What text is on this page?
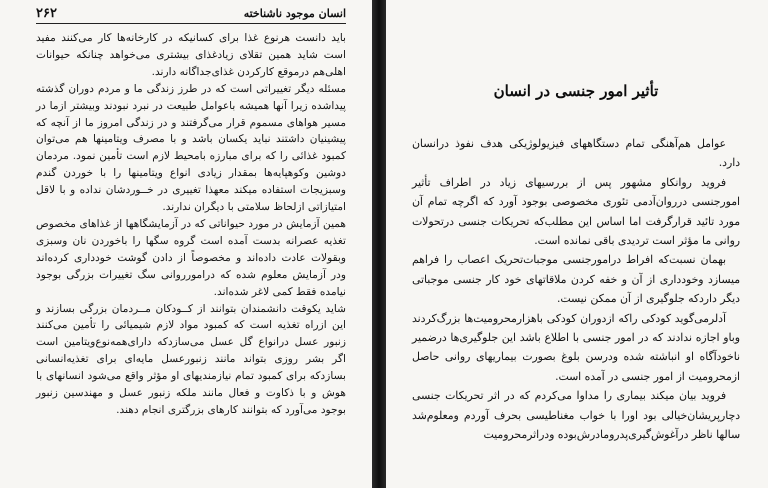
۲۶۲	انسان موجود ناشناخته

باید دانست هرنوع غذا برای کسانیکه در کارخانه‌ها کار می‌کنند مفید است شاید همین تقلای زیادغذای بیشتری می‌خواهد چنانکه حیوانات اهلی‌هم درموقع کارکردن غذای‌جداگانه دارند.

مسئله دیگر تغییراتی است که در طرز زندگی ما و مردم دوران گذشته پیداشده زیرا آنها همیشه باعوامل طبیعت در نبرد نبودند وبیشتر ازما در مسیر هواهای مسموم قرار می‌گرفتند و در زندگی امروز ما از آنچه که پیشینیان داشتند نباید یکسان باشد و با مصرف ویتامینها هم می‌توان کمبود غذائی را که برای مبارزه بامحیط لازم است تأمین نمود. مردمان دوشین وکوهپایه‌ها بمقدار زیادی انواع ویتامینها را با خوردن گندم وسبزیجات استفاده میکند معهذا تغییری در خــوردشان نداده و با لاقل امتیازاتی ازلحاظ سلامتی با دیگران ندارند.

همین آزمایش در مورد حیواناتی که در آزمایشگاهها از غذاهای مخصوص تغذیه عصرانه بدست آمده است گروه سگها را باخوردن نان وسبزی وبقولات عادت داده‌اند و مخصوصاً از دادن گوشت خودداری کرده‌اند ودر آزمایش معلوم شده که درامورروانی سگ تغییرات بزرگی بوجود نیامده فقط کمی لاغر شده‌اند.

شاید یکوقت دانشمندان بتوانند از کــودکان مــردمان بزرگی بسازند و این ازراه تغذیه است که کمبود مواد لازم شیمیائی را تأمین می‌کنند زنبور عسل درانواع گل عسل می‌سازدکه دارای‌همه‌نوع‌ویتامین است اگر بشر روزی بتواند مانند زنبورعسل مایه‌ای برای تغذیه‌انسانی بسازدکه برای کمبود تمام نیازمندیهای او مؤثر واقع می‌شود انسانهای با هوش و با ذکاوت و فعال مانند ملکه زنبور عسل و مهندسین زنبور بوجود می‌آورد که بتوانند کارهای بزرگتری انجام دهند.

تأثیر امور جنسی در انسان

عوامل هم‌آهنگی تمام دستگاههای فیزیولوژیکی هدف نفوذ درانسان دارد.

فروید روانکاو مشهور پس از بررسیهای زیاد در اطراف تأثیر امورجنسی درروان‌آدمی تئوری مخصوصی بوجود آورد که اگرچه تمام آن مورد تائید قرارگرفت اما اساس این مطلب‌که تحریکات جنسی درتحولات روانی ما مؤثر است تردیدی باقی نمانده است.

بهمان نسبت‌که افراط درامورجنسی موجبات‌تحریک اعصاب را فراهم میسازد وخودداری از آن و خفه کردن ملاقاتهای خود کار جنسی موجباتی دیگر داردکه جلوگیری از آن ممکن نیست.

آدلرمی‌گوید کودکی راکه ازدوران کودکی باهزارمحرومیت‌ها بزرگ‌کردند وباو اجازه ندادند که در امور جنسی با اطلاع باشد این جلوگیری‌ها درضمیر ناخودآگاه او انباشته شده ودرسن بلوغ بصورت بیماریهای روانی حاصل ازمحرومیت از امور جنسی در آمده است.

فروید بیان میکند بیماری را مداوا می‌کردم که در اثر تحریکات جنسی دچارپریشان‌خیالی بود اورا با خواب مغناطیسی بحرف آوردم ومعلوم‌شد سالها ناظر درآغوش‌گیری‌پدرومادرش‌بوده ودراثرمحرومیت
